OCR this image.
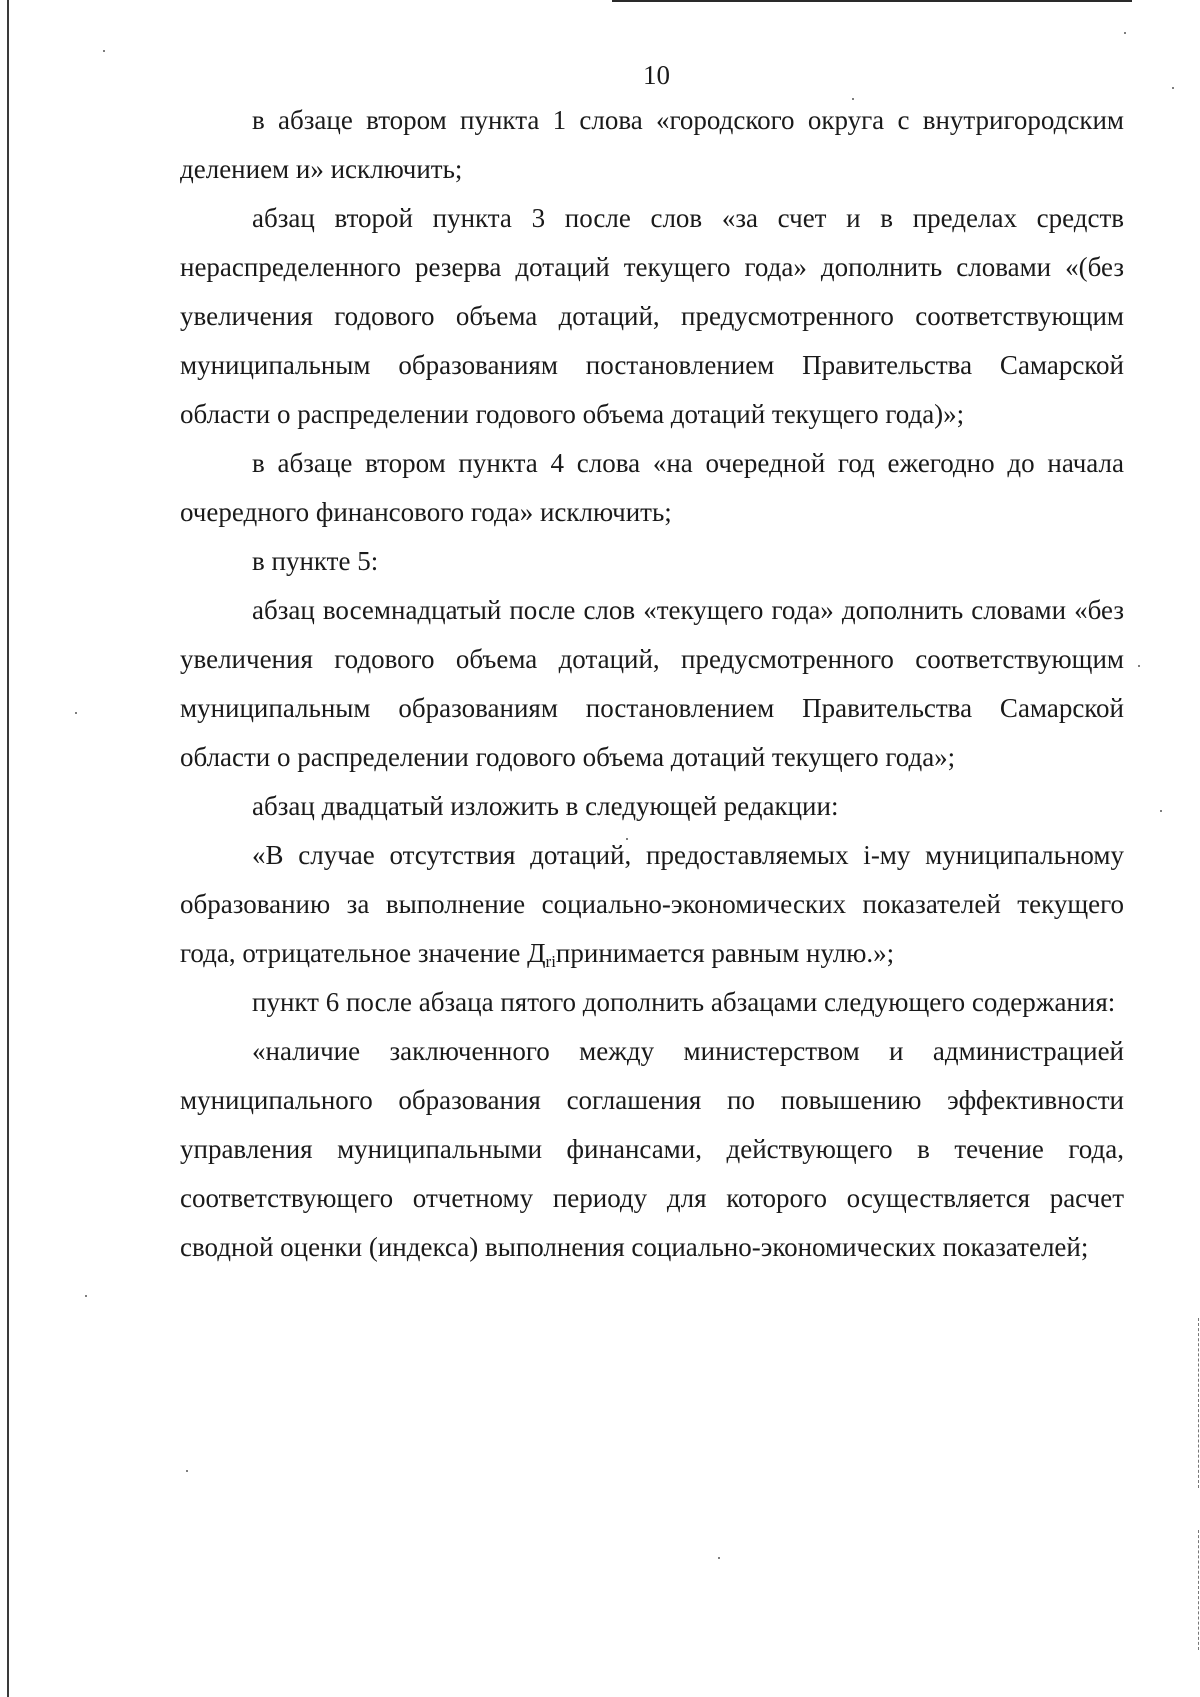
10

в абзаце втором пункта 1 слова «городского округа с внутригородским делением и» исключить;

абзац второй пункта 3 после слов «за счет и в пределах средств нераспределенного резерва дотаций текущего года» дополнить словами «(без увеличения годового объема дотаций, предусмотренного соответствующим муниципальным образованиям постановлением Правительства Самарской области о распределении годового объема дотаций текущего года)»;

в абзаце втором пункта 4 слова «на очередной год ежегодно до начала очередного финансового года» исключить;

в пункте 5:

абзац восемнадцатый после слов «текущего года» дополнить словами «без увеличения годового объема дотаций, предусмотренного соответствующим муниципальным образованиям постановлением Правительства Самарской области о распределении годового объема дотаций текущего года»;

абзац двадцатый изложить в следующей редакции:

«В случае отсутствия дотаций, предоставляемых i-му муниципальному образованию за выполнение социально-экономических показателей текущего года, отрицательное значение $Д_{ri}принимается$ равным нулю.»;

пункт 6 после абзаца пятого дополнить абзацами следующего содержания:

«наличие заключенного между министерством и администрацией муниципального образования соглашения по повышению эффективности управления муниципальными финансами, действующего в течение года, соответствующего отчетному периоду для которого осуществляется расчет сводной оценки (индекса) выполнения социально-экономических показателей;
